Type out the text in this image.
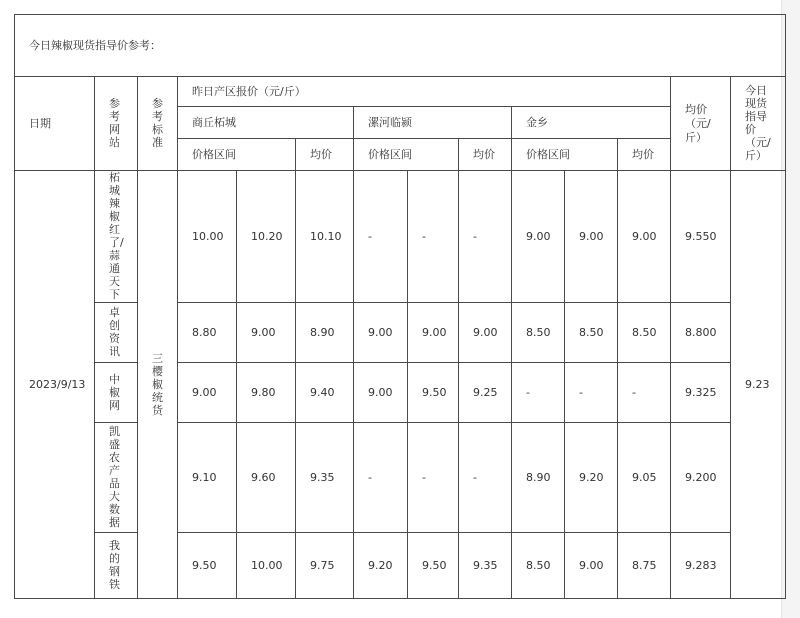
今日辣椒现货指导价参考：													
日期	参考网站	参考标准	昨日产区报价（元/斤）									均价（元/斤）	今日现货指导价（元/斤）
			商丘柘城			漯河临颍			金乡				
			价格区间		均价	价格区间		均价	价格区间		均价		
2023/9/13	柘城辣椒红了/蒜通天下	三樱椒统货	10.00	10.20	10.10	-	-	-	9.00	9.00	9.00	9.550	9.23
	卓创资讯		8.80	9.00	8.90	9.00	9.00	9.00	8.50	8.50	8.50	8.800	
	中椒网		9.00	9.80	9.40	9.00	9.50	9.25	-	-	-	9.325	
	凯盛农产品大数据		9.10	9.60	9.35	-	-	-	8.90	9.20	9.05	9.200	
	我的钢铁		9.50	10.00	9.75	9.20	9.50	9.35	8.50	9.00	8.75	9.283	
